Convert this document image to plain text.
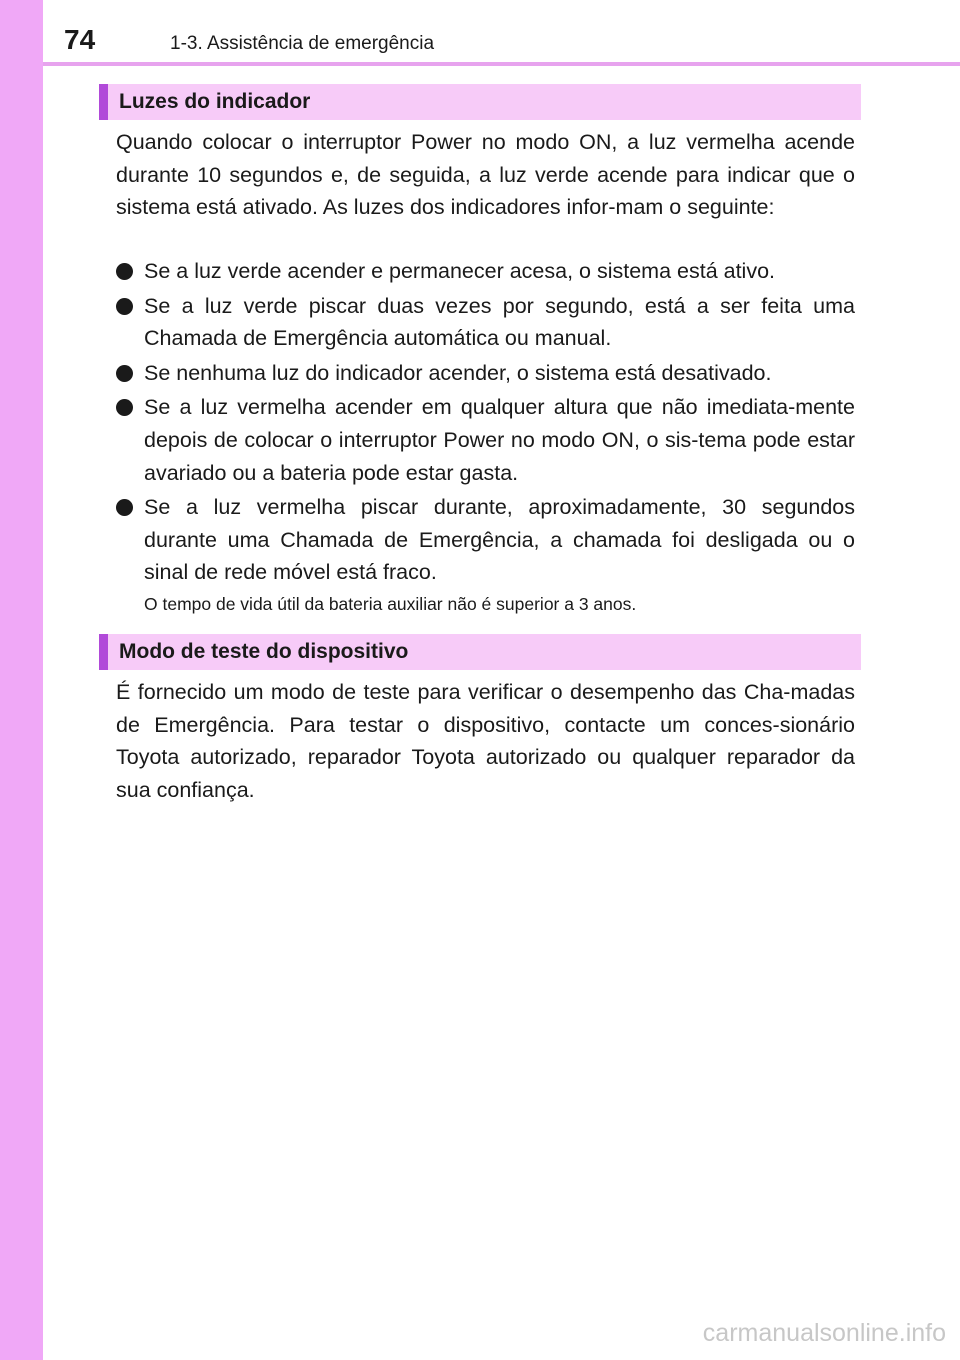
74	1-3. Assistência de emergência
Luzes do indicador
Quando colocar o interruptor Power no modo ON, a luz vermelha acende durante 10 segundos e, de seguida, a luz verde acende para indicar que o sistema está ativado. As luzes dos indicadores infor-mam o seguinte:
Se a luz verde acender e permanecer acesa, o sistema está ativo.
Se a luz verde piscar duas vezes por segundo, está a ser feita uma Chamada de Emergência automática ou manual.
Se nenhuma luz do indicador acender, o sistema está desativado.
Se a luz vermelha acender em qualquer altura que não imediata-mente depois de colocar o interruptor Power no modo ON, o sis-tema pode estar avariado ou a bateria pode estar gasta.
Se a luz vermelha piscar durante, aproximadamente, 30 segundos durante uma Chamada de Emergência, a chamada foi desligada ou o sinal de rede móvel está fraco.
O tempo de vida útil da bateria auxiliar não é superior a 3 anos.
Modo de teste do dispositivo
É fornecido um modo de teste para verificar o desempenho das Cha-madas de Emergência. Para testar o dispositivo, contacte um conces-sionário Toyota autorizado, reparador Toyota autorizado ou qualquer reparador da sua confiança.
carmanualsonline.info
